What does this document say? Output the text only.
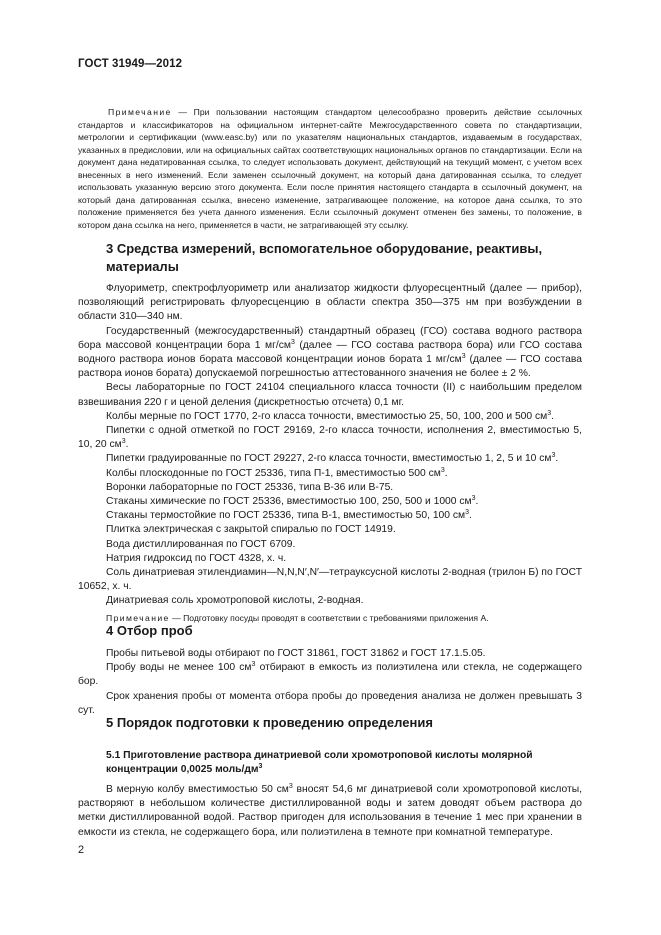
ГОСТ 31949—2012

Примечание — При пользовании настоящим стандартом целесообразно проверить действие ссылочных стандартов и классификаторов на официальном интернет-сайте Межгосударственного совета по стандартизации, метрологии и сертификации (www.easc.by) или по указателям национальных стандартов, издаваемым в государствах, указанных в предисловии, или на официальных сайтах соответствующих национальных органов по стандартизации. Если на документ дана недатированная ссылка, то следует использовать документ, действующий на текущий момент, с учетом всех внесенных в него изменений. Если заменен ссылочный документ, на который дана датированная ссылка, то следует использовать указанную версию этого документа. Если после принятия настоящего стандарта в ссылочный документ, на который дана датированная ссылка, внесено изменение, затрагивающее положение, на которое дана ссылка, то это положение применяется без учета данного изменения. Если ссылочный документ отменен без замены, то положение, в котором дана ссылка на него, применяется в части, не затрагивающей эту ссылку.

3 Средства измерений, вспомогательное оборудование, реактивы, материалы

Флуориметр, спектрофлуориметр или анализатор жидкости флуоресцентный (далее — прибор), позволяющий регистрировать флуоресценцию в области спектра 350—375 нм при возбуждении в области 310—340 нм.

Государственный (межгосударственный) стандартный образец (ГСО) состава водного раствора бора массовой концентрации бора 1 $мг/см^3$ (далее — ГСО состава раствора бора) или ГСО состава водного раствора ионов бората массовой концентрации ионов бората 1 $мг/см^3$ (далее — ГСО состава раствора ионов бората) допускаемой погрешностью аттестованного значения не более ± 2 %.

Весы лабораторные по ГОСТ 24104 специального класса точности (II) с наибольшим пределом взвешивания 220 г и ценой деления (дискретностью отсчета) 0,1 мг.

Колбы мерные по ГОСТ 1770, 2-го класса точности, вместимостью 25, 50, 100, 200 и 500 $см^3$.

Пипетки с одной отметкой по ГОСТ 29169, 2-го класса точности, исполнения 2, вместимостью 5, 10, 20 $см^3$.

Пипетки градуированные по ГОСТ 29227, 2-го класса точности, вместимостью 1, 2, 5 и 10 $см^3$.

Колбы плоскодонные по ГОСТ 25336, типа П-1, вместимостью 500 $см^3$.

Воронки лабораторные по ГОСТ 25336, типа В-36 или В-75.

Стаканы химические по ГОСТ 25336, вместимостью 100, 250, 500 и 1000 $см^3$.

Стаканы термостойкие по ГОСТ 25336, типа В-1, вместимостью 50, 100 $см^3$.

Плитка электрическая с закрытой спиралью по ГОСТ 14919.

Вода дистиллированная по ГОСТ 6709.

Натрия гидроксид по ГОСТ 4328, х. ч.

Соль динатриевая этилендиамин—N,N,N′,N′—тетрауксусной кислоты 2-водная (трилон Б) по ГОСТ 10652, х. ч.

Динатриевая соль хромотроповой кислоты, 2-водная.

Примечание — Подготовку посуды проводят в соответствии с требованиями приложения А.

4 Отбор проб

Пробы питьевой воды отбирают по ГОСТ 31861, ГОСТ 31862 и ГОСТ 17.1.5.05.

Пробу воды не менее 100 $см^3$ отбирают в емкость из полиэтилена или стекла, не содержащего бор.

Срок хранения пробы от момента отбора пробы до проведения анализа не должен превышать 3 сут.

5 Порядок подготовки к проведению определения
5.1 Приготовление раствора динатриевой соли хромотроповой кислоты молярной концентрации 0,0025 моль/$дм^3$

В мерную колбу вместимостью 50 $см^3$ вносят 54,6 мг динатриевой соли хромотроповой кислоты, растворяют в небольшом количестве дистиллированной воды и затем доводят объем раствора до метки дистиллированной водой. Раствор пригоден для использования в течение 1 мес при хранении в емкости из стекла, не содержащего бора, или полиэтилена в темноте при комнатной температуре.

2
